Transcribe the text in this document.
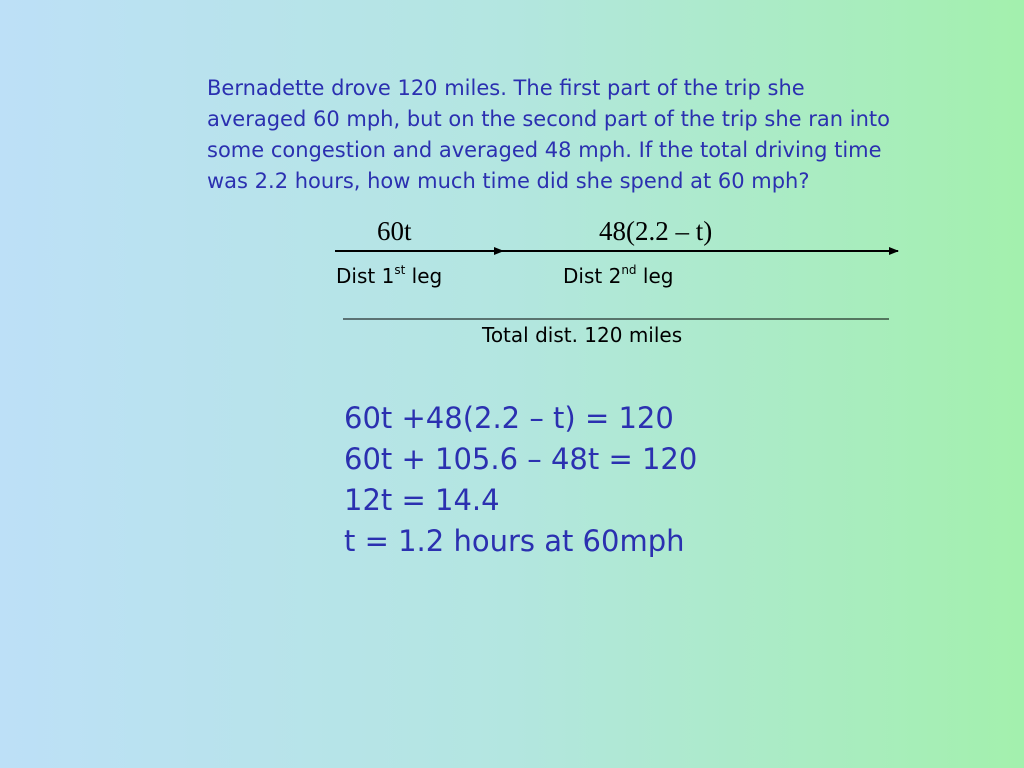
Bernadette drove 120 miles. The first part of the trip she
averaged 60 mph, but on the second part of the trip she ran into
some congestion and averaged 48 mph. If the total driving time
was 2.2 hours, how much time did she spend at 60 mph?
60t	48(2.2 – t)
Dist 1st leg	Dist 2nd leg
Total dist. 120 miles
60t +48(2.2 – t) = 120
60t + 105.6 – 48t = 120
12t = 14.4
t = 1.2 hours at 60mph
